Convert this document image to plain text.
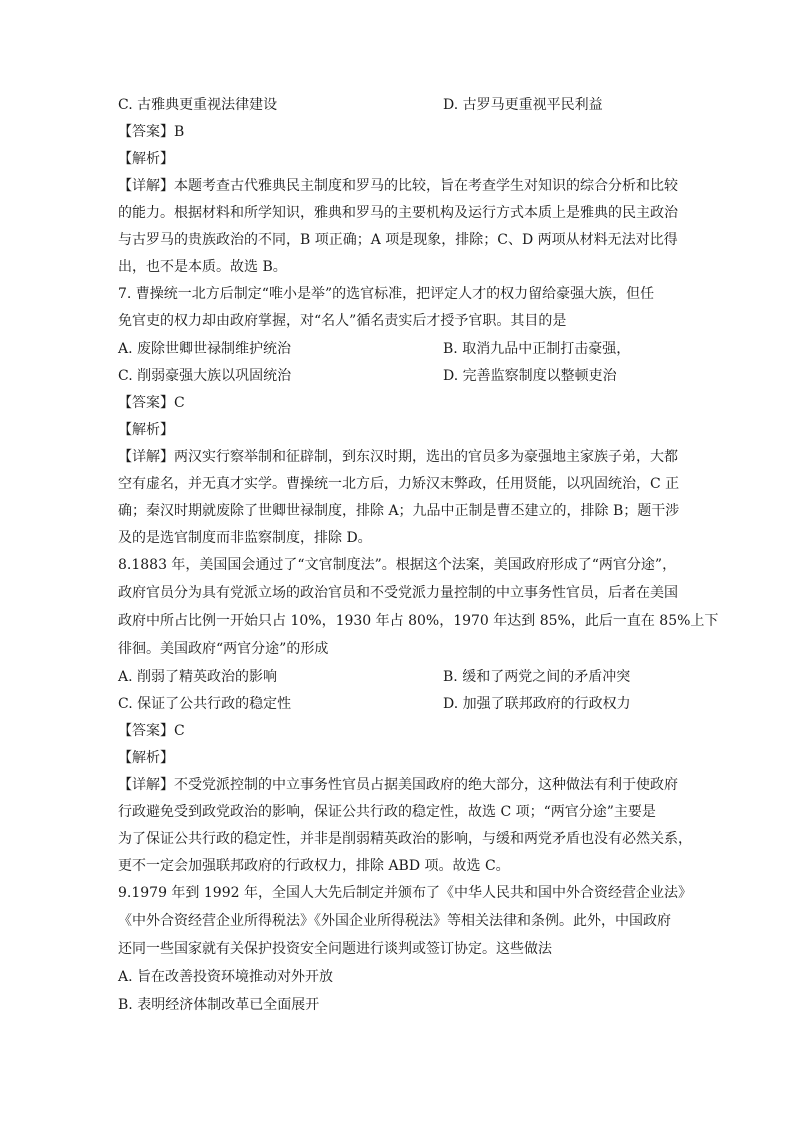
C. 古雅典更重视法律建设	D. 古罗马更重视平民利益
【答案】B
【解析】
【详解】本题考查古代雅典民主制度和罗马的比较，旨在考查学生对知识的综合分析和比较
的能力。根据材料和所学知识，雅典和罗马的主要机构及运行方式本质上是雅典的民主政治
与古罗马的贵族政治的不同，B 项正确；A 项是现象，排除；C、D 两项从材料无法对比得
出，也不是本质。故选 B。
7. 曹操统一北方后制定“唯小是举”的选官标准，把评定人才的权力留给豪强大族，但任
免官吏的权力却由政府掌握，对“名人”循名责实后才授予官职。其目的是
A. 废除世卿世禄制维护统治	B. 取消九品中正制打击豪强，
C. 削弱豪强大族以巩固统治	D. 完善监察制度以整顿吏治
【答案】C
【解析】
【详解】两汉实行察举制和征辟制，到东汉时期，选出的官员多为豪强地主家族子弟，大都
空有虚名，并无真才实学。曹操统一北方后，力矫汉末弊政，任用贤能，以巩固统治，C 正
确；秦汉时期就废除了世卿世禄制度，排除 A；九品中正制是曹丕建立的，排除 B；题干涉
及的是选官制度而非监察制度，排除 D。
8.1883 年，美国国会通过了“文官制度法”。根据这个法案，美国政府形成了“两官分途”，
政府官员分为具有党派立场的政治官员和不受党派力量控制的中立事务性官员，后者在美国
政府中所占比例一开始只占 10%，1930 年占 80%，1970 年达到 85%，此后一直在 85%上下
徘徊。美国政府“两官分途”的形成
A. 削弱了精英政治的影响	B. 缓和了两党之间的矛盾冲突
C. 保证了公共行政的稳定性	D. 加强了联邦政府的行政权力
【答案】C
【解析】
【详解】不受党派控制的中立事务性官员占据美国政府的绝大部分，这种做法有利于使政府
行政避免受到政党政治的影响，保证公共行政的稳定性，故选 C 项；“两官分途”主要是
为了保证公共行政的稳定性，并非是削弱精英政治的影响，与缓和两党矛盾也没有必然关系，
更不一定会加强联邦政府的行政权力，排除 ABD 项。故选 C。
9.1979 年到 1992 年，全国人大先后制定并颁布了《中华人民共和国中外合资经营企业法》
《中外合资经营企业所得税法》《外国企业所得税法》等相关法律和条例。此外，中国政府
还同一些国家就有关保护投资安全问题进行谈判或签订协定。这些做法
A. 旨在改善投资环境推动对外开放
B. 表明经济体制改革已全面展开
